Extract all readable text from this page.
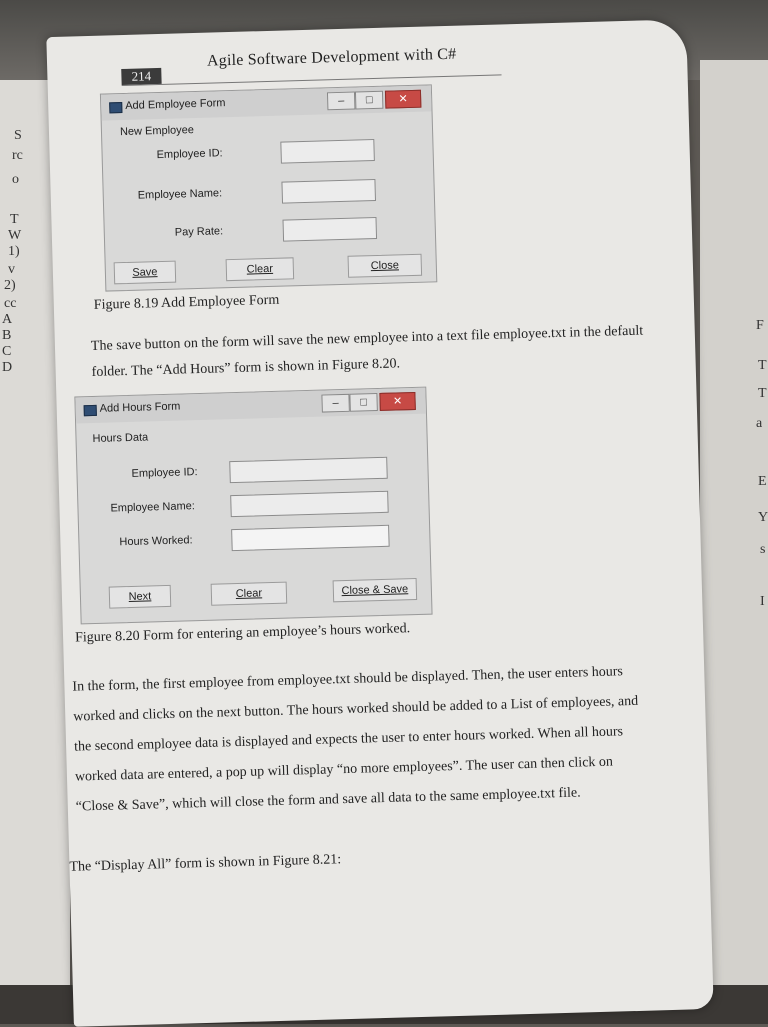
S
rc
o
T
W
1)
v
2)
cc
A
B
C
D
F
T
T
a
E
Y
s
I
214
Agile Software Development with C#
Add Employee Form	–	□	✕
New Employee
Employee ID:
Employee Name:
Pay Rate:
Save	Clear	Close
Figure 8.19 Add Employee Form
The save button on the form will save the new employee into a text file employee.txt in the default
folder. The “Add Hours” form is shown in Figure 8.20.
Add Hours Form	–	□	✕
Hours Data
Employee ID:
Employee Name:
Hours Worked:
Next	Clear	Close & Save
Figure 8.20 Form for entering an employee’s hours worked.
In the form, the first employee from employee.txt should be displayed. Then, the user enters hours
worked and clicks on the next button. The hours worked should be added to a List of employees, and
the second employee data is displayed and expects the user to enter hours worked. When all hours
worked data are entered, a pop up will display “no more employees”. The user can then click on
“Close & Save”, which will close the form and save all data to the same employee.txt file.
The “Display All” form is shown in Figure 8.21:
